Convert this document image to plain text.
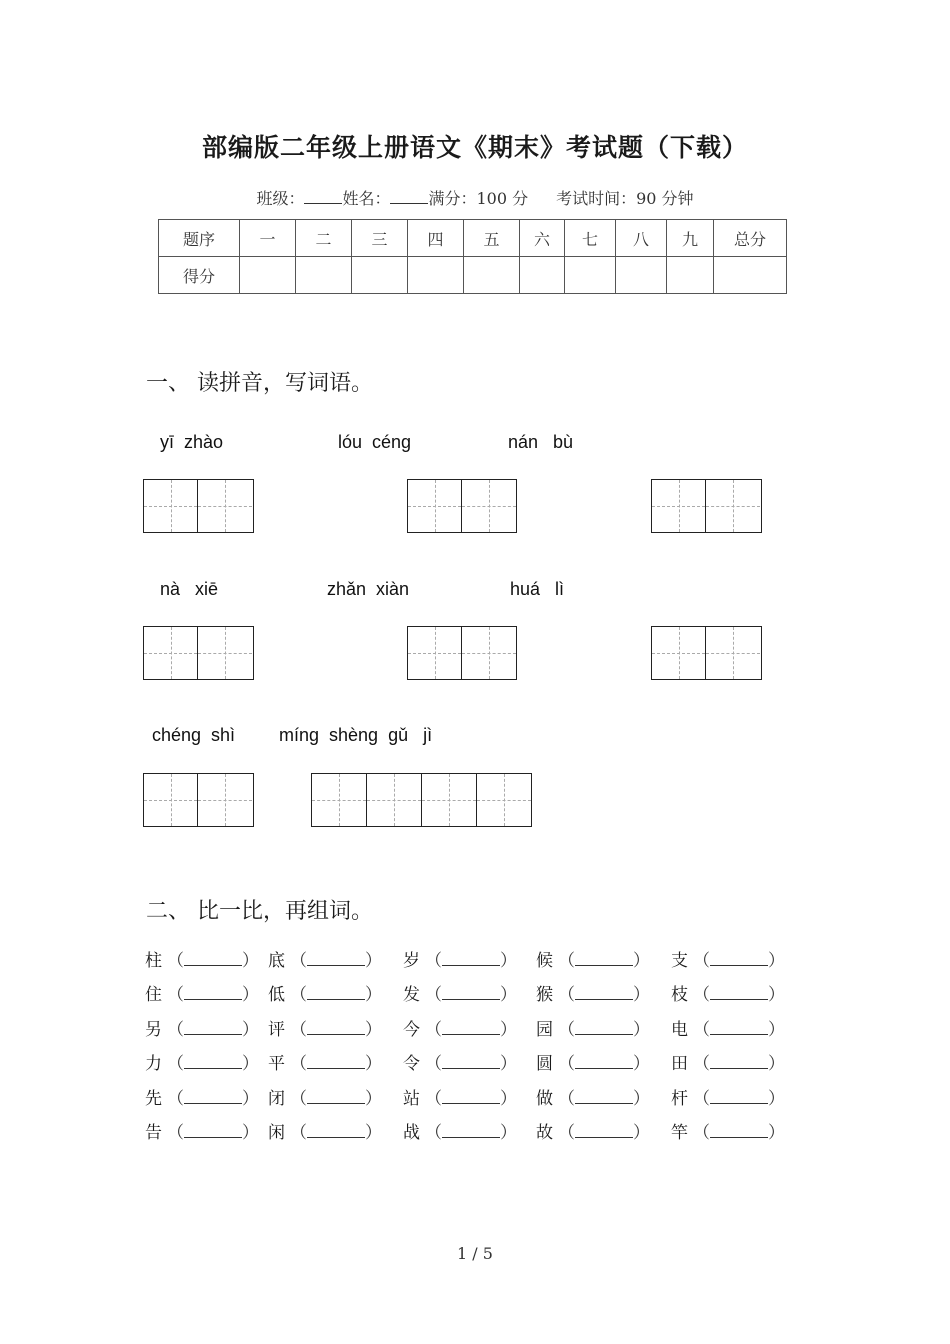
部编版二年级上册语文《期末》考试题（下载）
班级： 姓名： 满分：100 分 考试时间：90 分钟
题序	一	二	三	四	五	六	七	八	九	总分
得分										
一、 读拼音，写词语。
yī  zhào	lóu  céng	nán   bù
nà   xiē	zhǎn  xiàn	huá   lì
chéng  shì míng  shèng  gǔ   jì
二、 比一比，再组词。
柱 （	） 底 （	） 岁 （	） 候 （	） 支 （	）
住 （	） 低 （	） 发 （	） 猴 （	） 枝 （	）
另 （	） 评 （	） 今 （	） 园 （	） 电 （	）
力 （	） 平 （	） 令 （	） 圆 （	） 田 （	）
先 （	） 闭 （	） 站 （	） 做 （	） 杆 （	）
告 （	） 闲 （	） 战 （	） 故 （	） 竿 （	）
1 / 5
